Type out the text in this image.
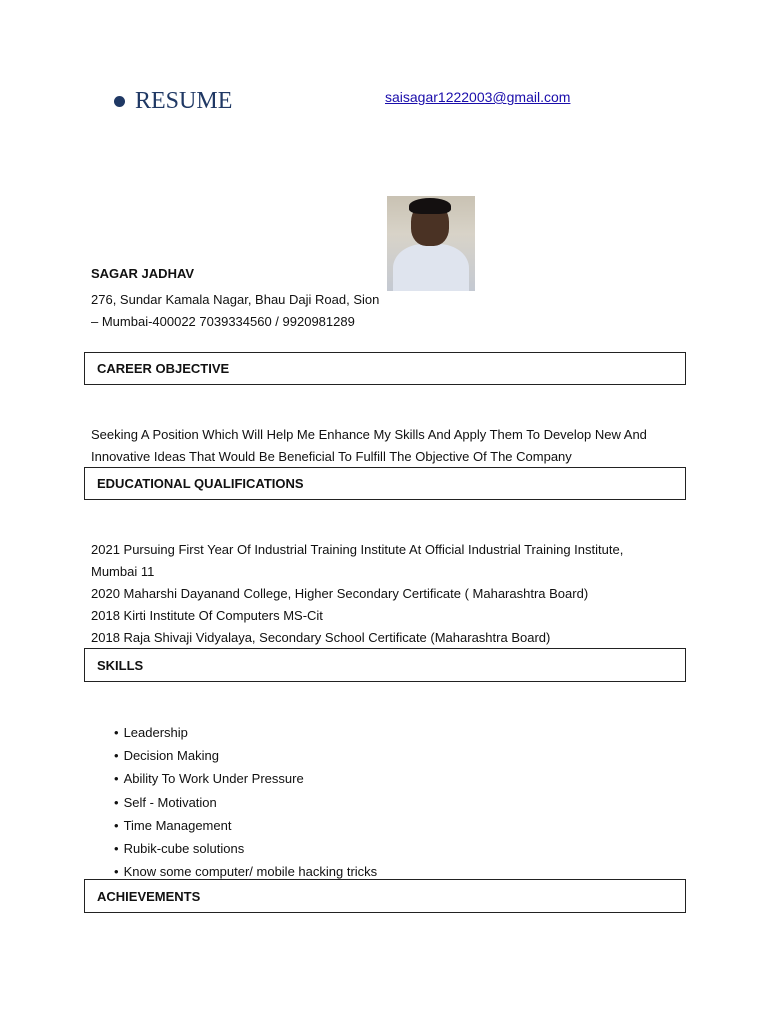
RESUME	saisagar1222003@gmail.com
SAGAR JADHAV
276, Sundar Kamala Nagar, Bhau Daji Road, Sion
– Mumbai-400022 7039334560 / 9920981289
CAREER OBJECTIVE
Seeking A Position Which Will Help Me Enhance My Skills And Apply Them To Develop New And
Innovative Ideas That Would Be Beneficial To Fulfill The Objective Of The Company
EDUCATIONAL QUALIFICATIONS
2021 Pursuing First Year Of Industrial Training Institute At Official Industrial Training Institute,
Mumbai 11
2020 Maharshi Dayanand College, Higher Secondary Certificate ( Maharashtra Board)
2018 Kirti Institute Of Computers MS-Cit
2018 Raja Shivaji Vidyalaya, Secondary School Certificate (Maharashtra Board)
SKILLS
• Leadership
• Decision Making
• Ability To Work Under Pressure
• Self - Motivation
• Time Management
• Rubik-cube solutions
• Know some computer/ mobile hacking tricks
ACHIEVEMENTS
